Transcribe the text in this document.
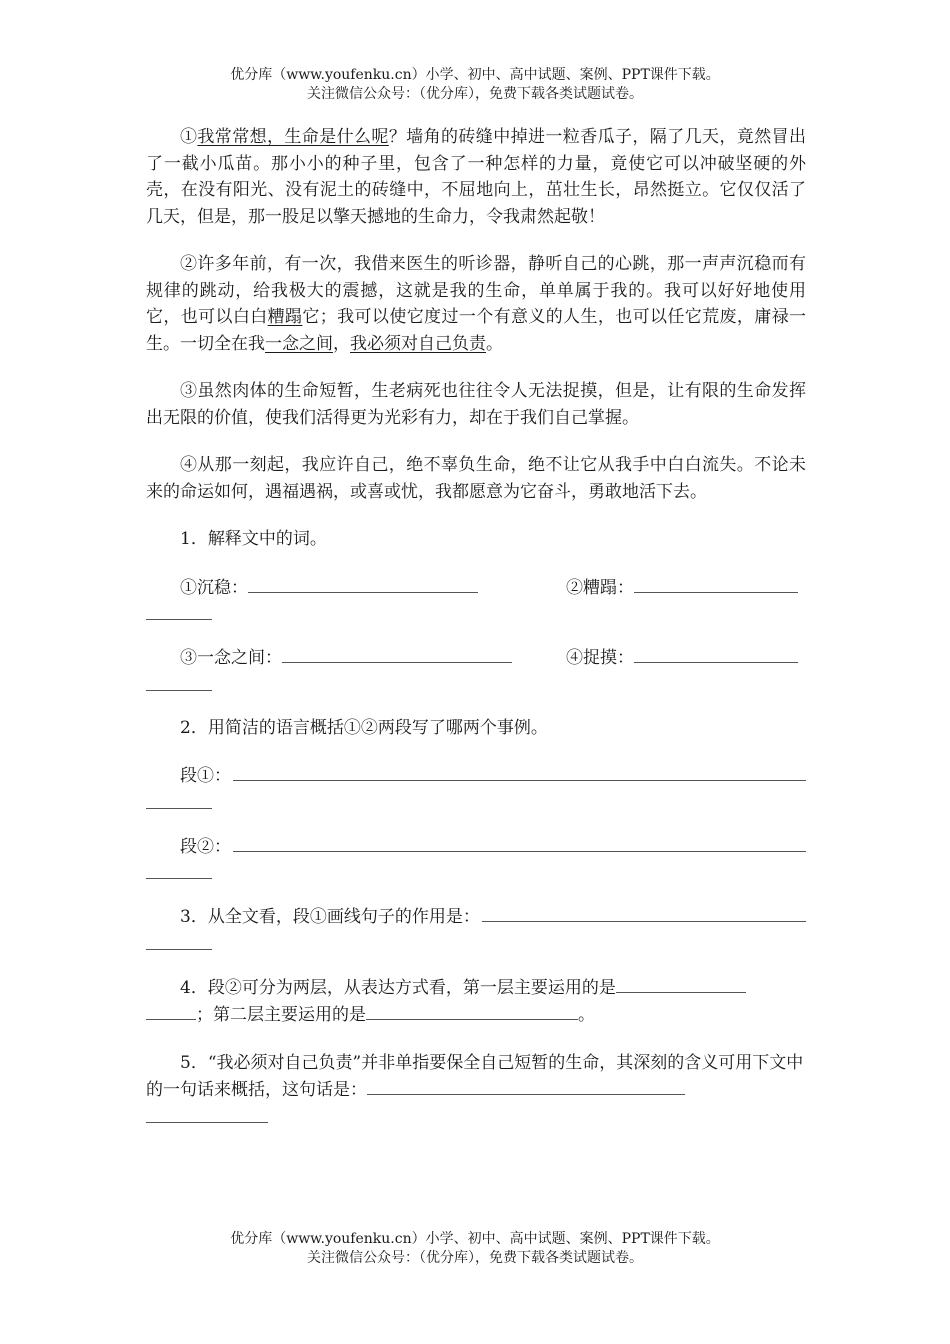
优分库（www.youfenku.cn）小学、初中、高中试题、案例、PPT课件下载。
关注微信公众号：（优分库），免费下载各类试题试卷。

①我常常想，生命是什么呢？墙角的砖缝中掉进一粒香瓜子，隔了几天，竟然冒出了一截小瓜苗。那小小的种子里，包含了一种怎样的力量，竟使它可以冲破坚硬的外壳，在没有阳光、没有泥土的砖缝中，不屈地向上，茁壮生长，昂然挺立。它仅仅活了几天，但是，那一股足以擎天撼地的生命力，令我肃然起敬！

②许多年前，有一次，我借来医生的听诊器，静听自己的心跳，那一声声沉稳而有规律的跳动，给我极大的震撼，这就是我的生命，单单属于我的。我可以好好地使用它，也可以白白糟蹋它；我可以使它度过一个有意义的人生，也可以任它荒废，庸禄一生。一切全在我一念之间，我必须对自己负责。

③虽然肉体的生命短暂，生老病死也往往令人无法捉摸，但是，让有限的生命发挥出无限的价值，使我们活得更为光彩有力，却在于我们自己掌握。

④从那一刻起，我应许自己，绝不辜负生命，绝不让它从我手中白白流失。不论未来的命运如何，遇福遇祸，或喜或忧，我都愿意为它奋斗，勇敢地活下去。

1．解释文中的词。

①沉稳：	②糟蹋：
③一念之间：	④捉摸：

2．用简洁的语言概括①②两段写了哪两个事例。

段①：
段②：
3．从全文看，段①画线句子的作用是：
4．段②可分为两层，从表达方式看，第一层主要运用的是
；第二层主要运用的是	。

5．“我必须对自己负责”并非单指要保全自己短暂的生命，其深刻的含义可用下文中的一句话来概括，这句话是：

优分库（www.youfenku.cn）小学、初中、高中试题、案例、PPT课件下载。
关注微信公众号：（优分库），免费下载各类试题试卷。
